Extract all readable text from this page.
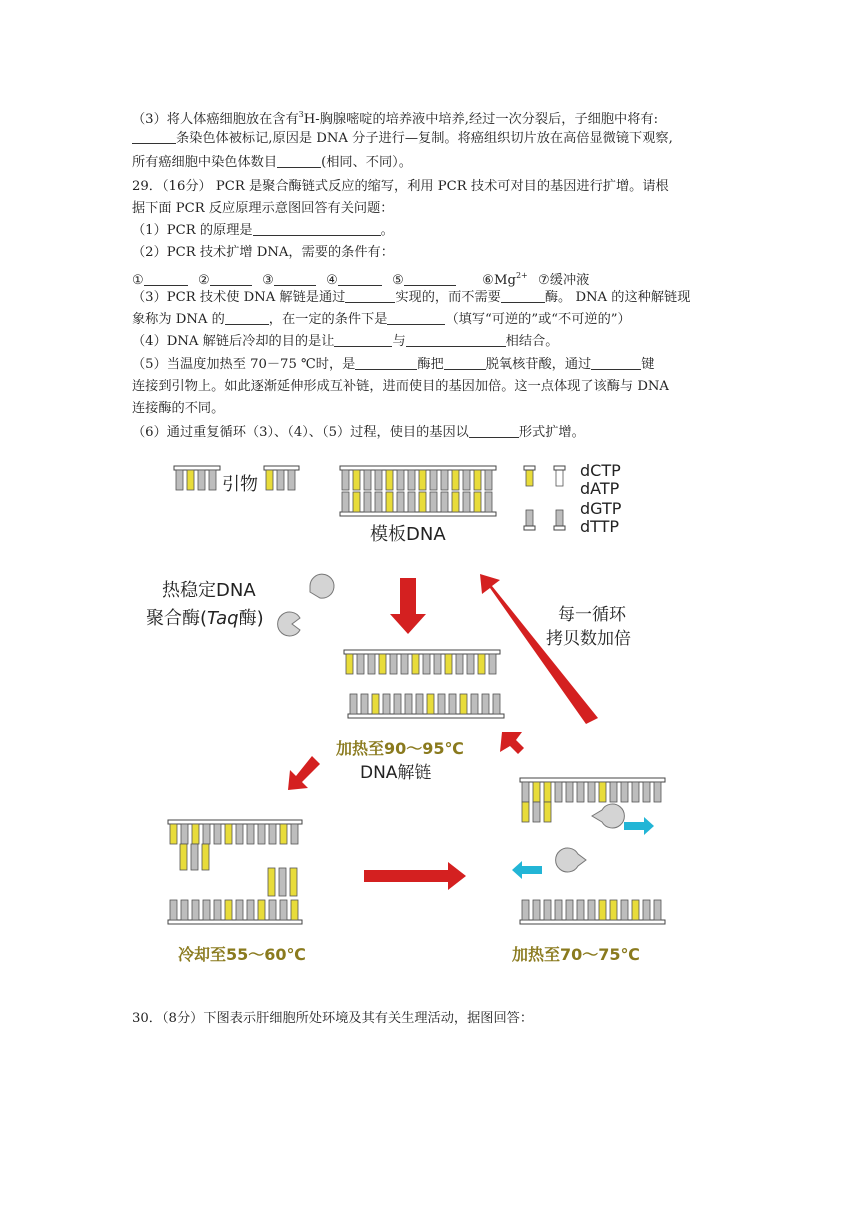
（3）将人体癌细胞放在含有$^3$H-胸腺嘧啶的培养液中培养,经过一次分裂后，子细胞中将有:
条染色体被标记,原因是 DNA 分子进行—复制。将癌组织切片放在高倍显微镜下观察,
所有癌细胞中染色体数目	(相同、不同）。
29．（16分） PCR 是聚合酶链式反应的缩写，利用 PCR 技术可对目的基因进行扩增。请根
据下面 PCR 反应原理示意图回答有关问题：
（1）PCR 的原理是	。
（2）PCR 技术扩增 DNA，需要的条件有：
①	②	③	④	⑤	$⑥Mg^{2+}$ ⑦缓冲液
（3）PCR 技术使 DNA 解链是通过	实现的，而不需要	酶。 DNA 的这种解链现
象称为 DNA 的	，在一定的条件下是	（填写“可逆的”或“不可逆的”）
（4）DNA 解链后冷却的目的是让	与	相结合。
（5）当温度加热至 70－75 ℃时，是	酶把	脱氧核苷酸，通过	键
连接到引物上。如此逐渐延伸形成互补链，进而使目的基因加倍。这一点体现了该酶与 DNA
连接酶的不同。
（6）通过重复循环（3）、（4）、（5）过程，使目的基因以	形式扩增。
引物
模板DNA
dCTP
dATP
dGTP
dTTP
热稳定DNA
聚合酶(Taq酶)	每一循环
拷贝数加倍
加热至90～95℃
DNA解链
冷却至55～60℃	加热至70～75℃
30．（8分）下图表示肝细胞所处环境及其有关生理活动，据图回答：
